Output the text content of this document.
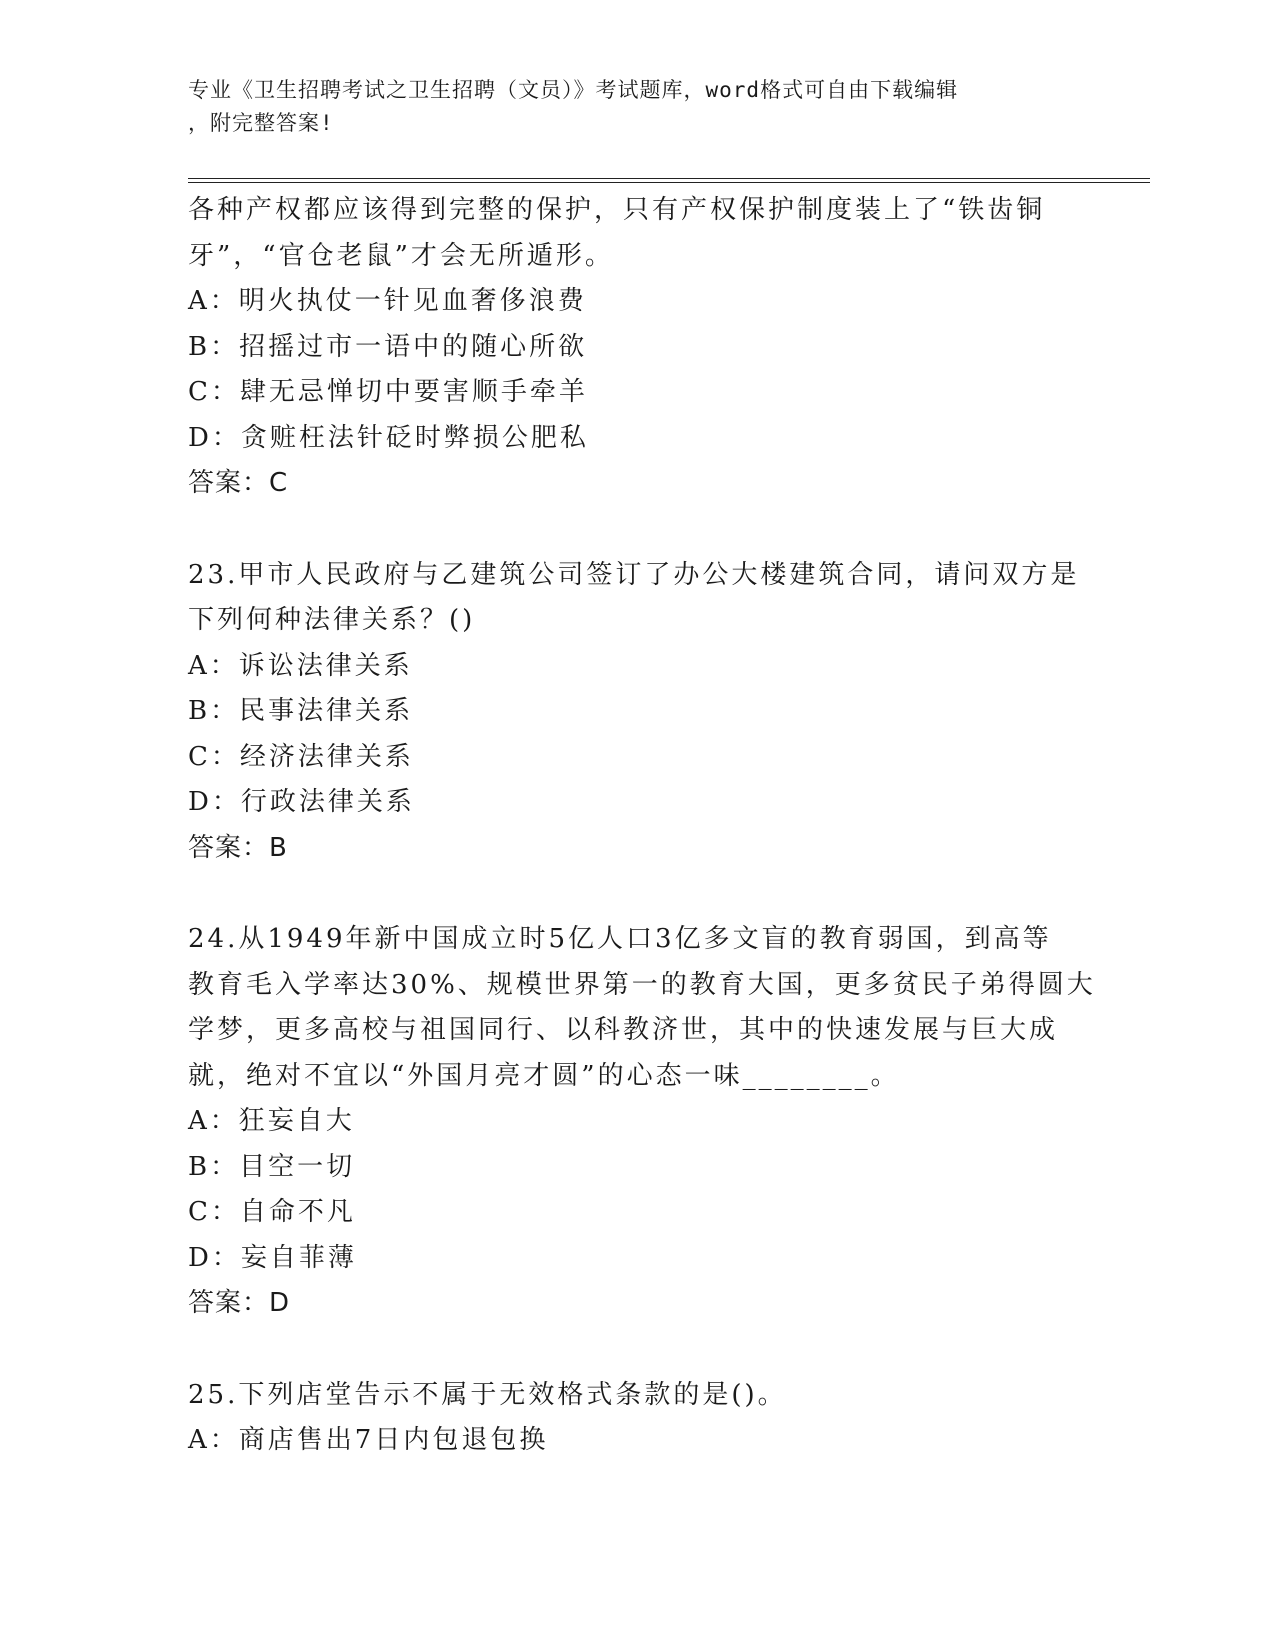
专业《卫生招聘考试之卫生招聘（文员）》考试题库，word格式可自由下载编辑
，附完整答案!
各种产权都应该得到完整的保护，只有产权保护制度装上了“铁齿铜
牙”，“官仓老鼠”才会无所遁形。
A：明火执仗一针见血奢侈浪费
B：招摇过市一语中的随心所欲
C：肆无忌惮切中要害顺手牵羊
D：贪赃枉法针砭时弊损公肥私
答案：C
23.甲市人民政府与乙建筑公司签订了办公大楼建筑合同，请问双方是
下列何种法律关系？()
A：诉讼法律关系
B：民事法律关系
C：经济法律关系
D：行政法律关系
答案：B
24.从1949年新中国成立时5亿人口3亿多文盲的教育弱国，到高等
教育毛入学率达30%、规模世界第一的教育大国，更多贫民子弟得圆大
学梦，更多高校与祖国同行、以科教济世，其中的快速发展与巨大成
就，绝对不宜以“外国月亮才圆”的心态一味________。
A：狂妄自大
B：目空一切
C：自命不凡
D：妄自菲薄
答案：D
25.下列店堂告示不属于无效格式条款的是()。
A：商店售出7日内包退包换
